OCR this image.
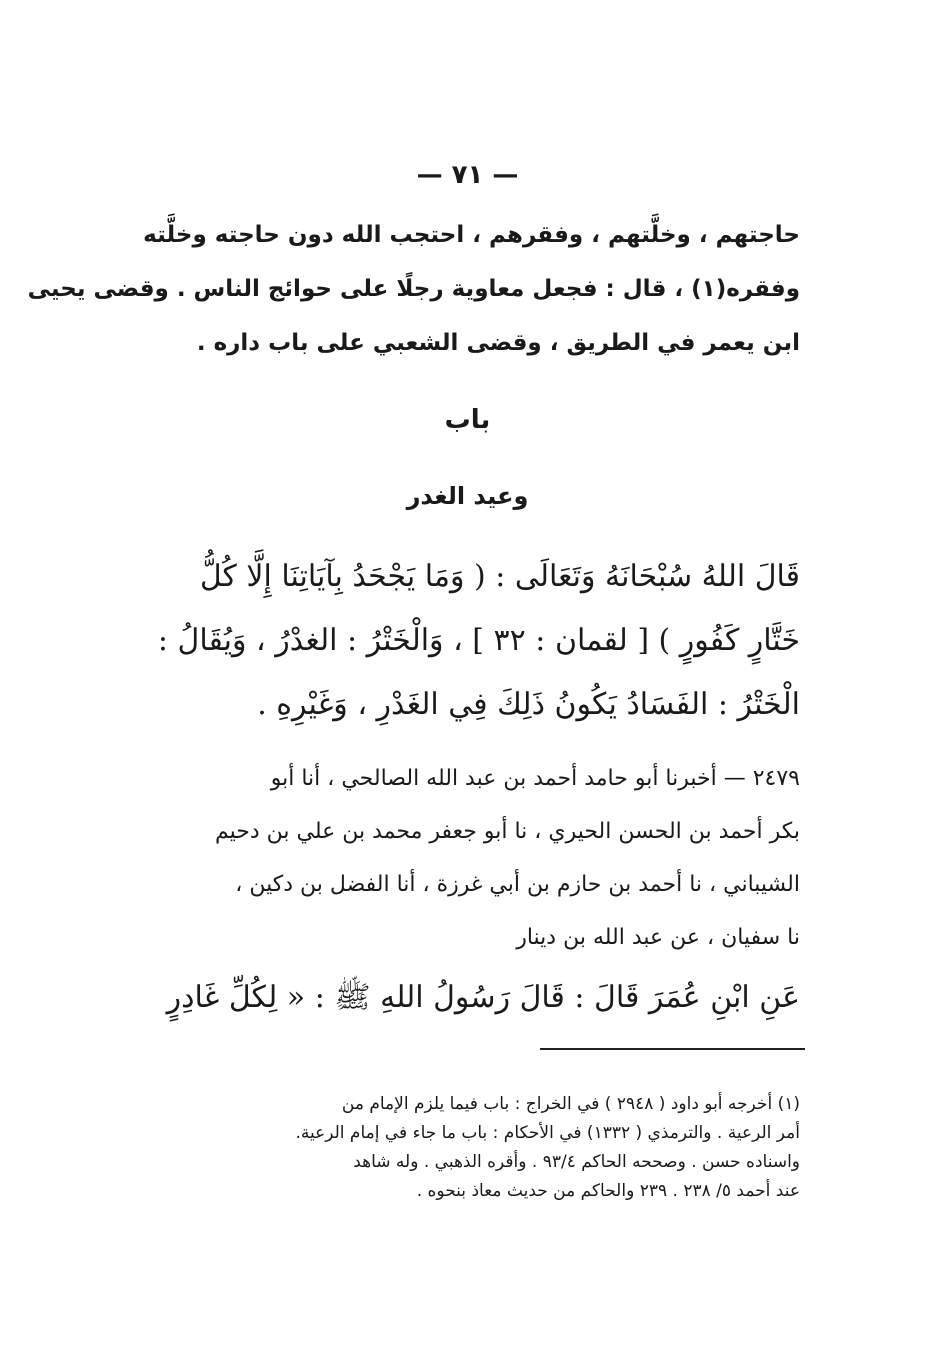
— ٧١ —
حاجتهم ، وخلَّتهم ، وفقرهم ، احتجب الله دون حاجته وخلَّته
وفقره(١) ، قال : فجعل معاوية رجلًا على حوائج الناس . وقضى يحيى
ابن يعمر في الطريق ، وقضى الشعبي على باب داره .
باب
وعيد الغدر
قَالَ اللهُ سُبْحَانَهُ وَتَعَالَى : ( وَمَا يَجْحَدُ بِآيَاتِنَا إِلَّا كُلُّ
خَتَّارٍ كَفُورٍ ) [ لقمان : ٣٢ ] ، وَالْخَتْرُ : الغدْرُ ، وَيُقَالُ :
الْخَتْرُ : الفَسَادُ يَكُونُ ذَلِكَ فِي الغَدْرِ ، وَغَيْرِهِ .
٢٤٧٩ — أخبرنا أبو حامد أحمد بن عبد الله الصالحي ، أنا أبو
بكر أحمد بن الحسن الحيري ، نا أبو جعفر محمد بن علي بن دحيم
الشيباني ، نا أحمد بن حازم بن أبي غرزة ، أنا الفضل بن دكين ،
نا سفيان ، عن عبد الله بن دينار
عَنِ ابْنِ عُمَرَ قَالَ : قَالَ رَسُولُ اللهِ ﷺ : « لِكُلِّ غَادِرٍ
(١) أخرجه أبو داود ( ٢٩٤٨ ) في الخراج : باب فيما يلزم الإمام من
أمر الرعية . والترمذي ( ١٣٣٢) في الأحكام : باب ما جاء في إمام الرعية.
واسناده حسن . وصححه الحاكم ٩٣/٤ . وأقره الذهبي . وله شاهد
عند أحمد ٥/ ٢٣٨ . ٢٣٩ والحاكم من حديث معاذ بنحوه .
